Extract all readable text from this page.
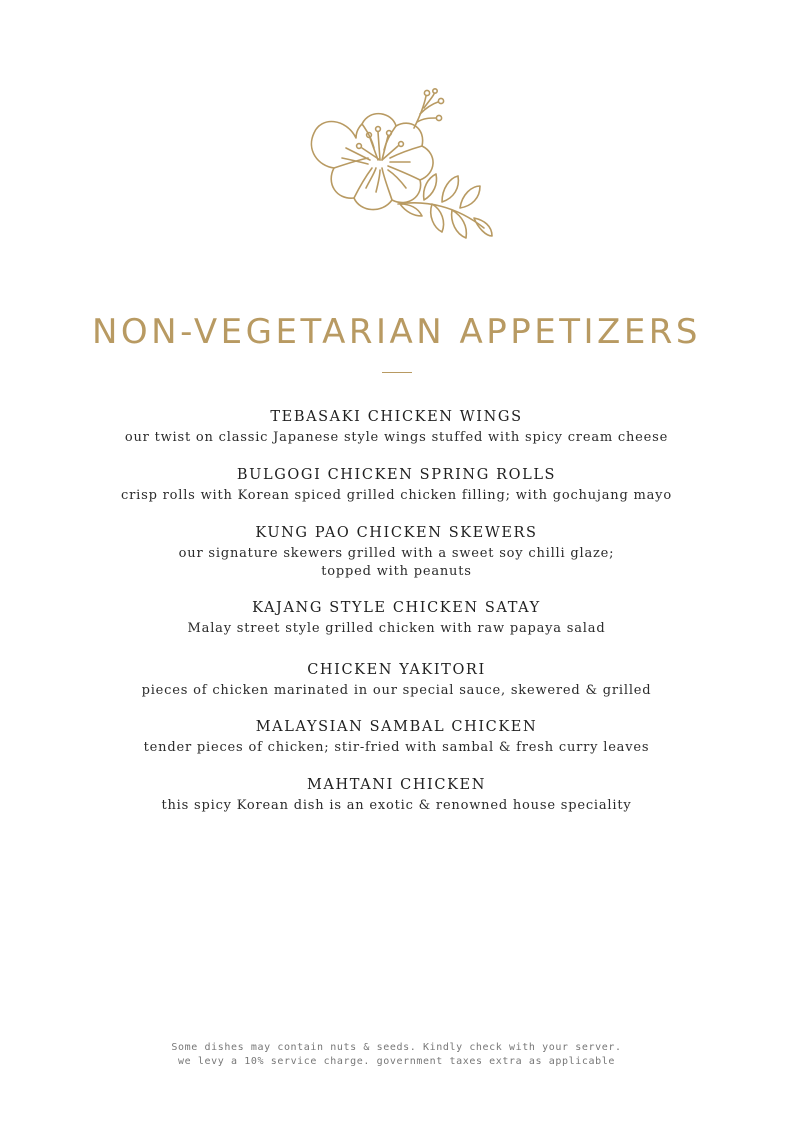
NON-VEGETARIAN APPETIZERS
TEBASAKI CHICKEN WINGS
our twist on classic Japanese style wings stuffed with spicy cream cheese
BULGOGI CHICKEN SPRING ROLLS
crisp rolls with Korean spiced grilled chicken filling; with gochujang mayo
KUNG PAO CHICKEN SKEWERS
our signature skewers grilled with a sweet soy chilli glaze;
topped with peanuts
KAJANG STYLE CHICKEN SATAY
Malay street style grilled chicken with raw papaya salad
CHICKEN YAKITORI
pieces of chicken marinated in our special sauce, skewered & grilled
MALAYSIAN SAMBAL CHICKEN
tender pieces of chicken; stir-fried with sambal & fresh curry leaves
MAHTANI CHICKEN
this spicy Korean dish is an exotic & renowned house speciality
Some dishes may contain nuts & seeds. Kindly check with your server.
we levy a 10% service charge. government taxes extra as applicable
